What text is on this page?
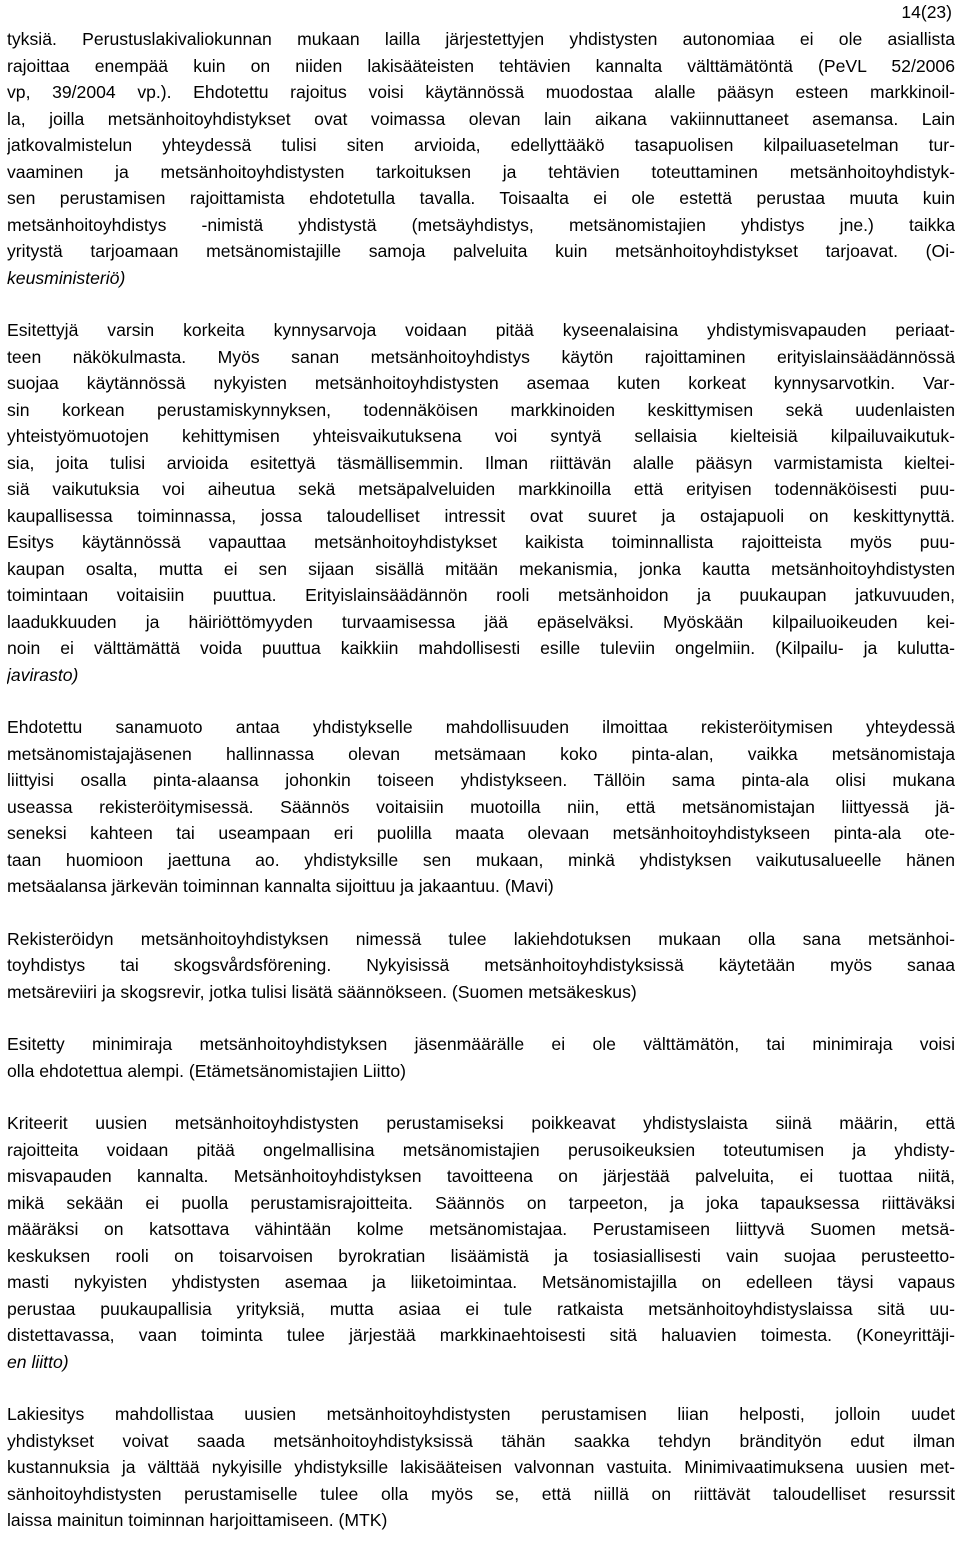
14(23)

tyksiä. Perustuslakivaliokunnan mukaan lailla järjestettyjen yhdistysten autonomiaa ei ole asiallista
rajoittaa enempää kuin on niiden lakisääteisten tehtävien kannalta välttämätöntä (PeVL 52/2006
vp, 39/2004 vp.). Ehdotettu rajoitus voisi käytännössä muodostaa alalle pääsyn esteen markkinoil-
la, joilla metsänhoitoyhdistykset ovat voimassa olevan lain aikana vakiinnuttaneet asemansa. Lain
jatkovalmistelun yhteydessä tulisi siten arvioida, edellyttääkö tasapuolisen kilpailuasetelman tur-
vaaminen ja metsänhoitoyhdistysten tarkoituksen ja tehtävien toteuttaminen metsänhoitoyhdistyk-
sen perustamisen rajoittamista ehdotetulla tavalla. Toisaalta ei ole estettä perustaa muuta kuin
metsänhoitoyhdistys -nimistä yhdistystä (metsäyhdistys, metsänomistajien yhdistys jne.) taikka
yritystä tarjoamaan metsänomistajille samoja palveluita kuin metsänhoitoyhdistykset tarjoavat. (Oi-
keusministeriö)

Esitettyjä varsin korkeita kynnysarvoja voidaan pitää kyseenalaisina yhdistymisvapauden periaat-
teen näkökulmasta. Myös sanan metsänhoitoyhdistys käytön rajoittaminen erityislainsäädännössä
suojaa käytännössä nykyisten metsänhoitoyhdistysten asemaa kuten korkeat kynnysarvotkin. Var-
sin korkean perustamiskynnyksen, todennäköisen markkinoiden keskittymisen sekä uudenlaisten
yhteistyömuotojen kehittymisen yhteisvaikutuksena voi syntyä sellaisia kielteisiä kilpailuvaikutuk-
sia, joita tulisi arvioida esitettyä täsmällisemmin. Ilman riittävän alalle pääsyn varmistamista kieltei-
siä vaikutuksia voi aiheutua sekä metsäpalveluiden markkinoilla että erityisen todennäköisesti puu-
kaupallisessa toiminnassa, jossa taloudelliset intressit ovat suuret ja ostajapuoli on keskittynyttä.
Esitys käytännössä vapauttaa metsänhoitoyhdistykset kaikista toiminnallista rajoitteista myös puu-
kaupan osalta, mutta ei sen sijaan sisällä mitään mekanismia, jonka kautta metsänhoitoyhdistysten
toimintaan voitaisiin puuttua. Erityislainsäädännön rooli metsänhoidon ja puukaupan jatkuvuuden,
laadukkuuden ja häiriöttömyyden turvaamisessa jää epäselväksi. Myöskään kilpailuoikeuden kei-
noin ei välttämättä voida puuttua kaikkiin mahdollisesti esille tuleviin ongelmiin. (Kilpailu- ja kulutta-
javirasto)

Ehdotettu sanamuoto antaa yhdistykselle mahdollisuuden ilmoittaa rekisteröitymisen yhteydessä
metsänomistajajäsenen hallinnassa olevan metsämaan koko pinta-alan, vaikka metsänomistaja
liittyisi osalla pinta-alaansa johonkin toiseen yhdistykseen. Tällöin sama pinta-ala olisi mukana
useassa rekisteröitymisessä. Säännös voitaisiin muotoilla niin, että metsänomistajan liittyessä jä-
seneksi kahteen tai useampaan eri puolilla maata olevaan metsänhoitoyhdistykseen pinta-ala ote-
taan huomioon jaettuna ao. yhdistyksille sen mukaan, minkä yhdistyksen vaikutusalueelle hänen
metsäalansa järkevän toiminnan kannalta sijoittuu ja jakaantuu. (Mavi)

Rekisteröidyn metsänhoitoyhdistyksen nimessä tulee lakiehdotuksen mukaan olla sana metsänhoi-
toyhdistys tai skogsvårdsförening. Nykyisissä metsänhoitoyhdistyksissä käytetään myös sanaa
metsäreviiri ja skogsrevir, jotka tulisi lisätä säännökseen. (Suomen metsäkeskus)

Esitetty minimiraja metsänhoitoyhdistyksen jäsenmäärälle ei ole välttämätön, tai minimiraja voisi
olla ehdotettua alempi. (Etämetsänomistajien Liitto)

Kriteerit uusien metsänhoitoyhdistysten perustamiseksi poikkeavat yhdistyslaista siinä määrin, että
rajoitteita voidaan pitää ongelmallisina metsänomistajien perusoikeuksien toteutumisen ja yhdisty-
misvapauden kannalta. Metsänhoitoyhdistyksen tavoitteena on järjestää palveluita, ei tuottaa niitä,
mikä sekään ei puolla perustamisrajoitteita. Säännös on tarpeeton, ja joka tapauksessa riittäväksi
määräksi on katsottava vähintään kolme metsänomistajaa. Perustamiseen liittyvä Suomen metsä-
keskuksen rooli on toisarvoisen byrokratian lisäämistä ja tosiasiallisesti vain suojaa perusteetto-
masti nykyisten yhdistysten asemaa ja liiketoimintaa. Metsänomistajilla on edelleen täysi vapaus
perustaa puukaupallisia yrityksiä, mutta asiaa ei tule ratkaista metsänhoitoyhdistyslaissa sitä uu-
distettavassa, vaan toiminta tulee järjestää markkinaehtoisesti sitä haluavien toimesta. (Koneyrittäji-
en liitto)

Lakiesitys mahdollistaa uusien metsänhoitoyhdistysten perustamisen liian helposti, jolloin uudet
yhdistykset voivat saada metsänhoitoyhdistyksissä tähän saakka tehdyn brändityön edut ilman
kustannuksia ja välttää nykyisille yhdistyksille lakisääteisen valvonnan vastuita. Minimivaatimuksena uusien met-
sänhoitoyhdistysten perustamiselle tulee olla myös se, että niillä on riittävät taloudelliset resurssit
laissa mainitun toiminnan harjoittamiseen. (MTK)
